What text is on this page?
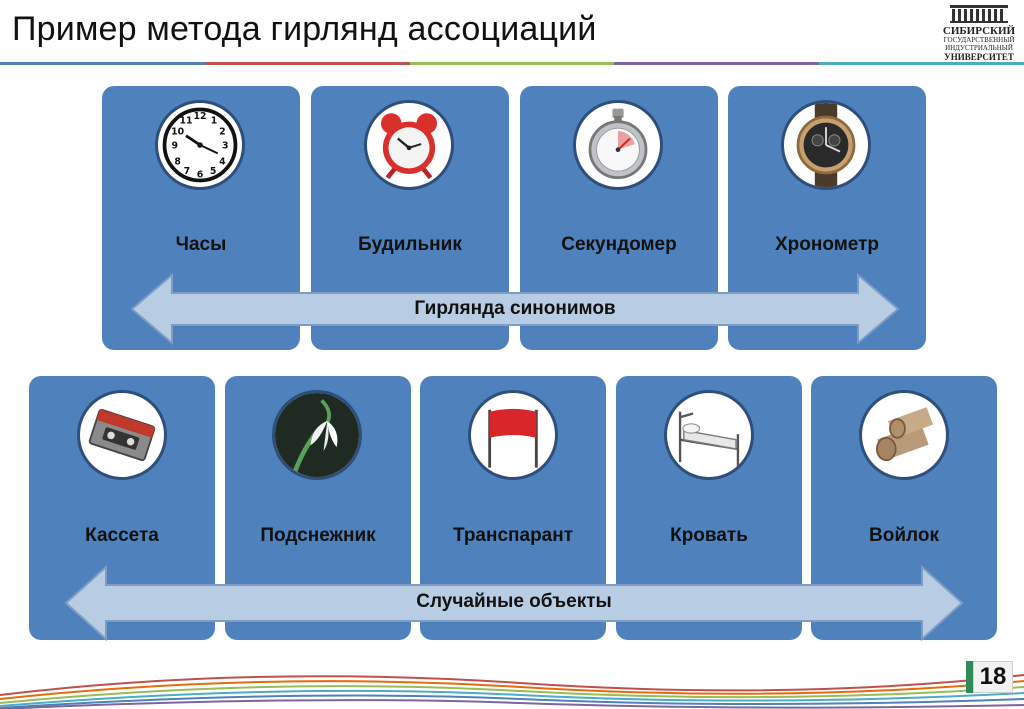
Пример метода гирлянд ассоциаций	СИБИРСКИЙ
ГОСУДАРСТВЕННЫЙ
ИНДУСТРИАЛЬНЫЙ
УНИВЕРСИТЕТ
12
3
6
9
1
2
4
5
7
8
10
11
Часы	Будильник	Секундомер	Хронометр
Гирлянда синонимов
Кассета	Подснежник	Транспарант	Кровать	Войлок
Случайные объекты
18
